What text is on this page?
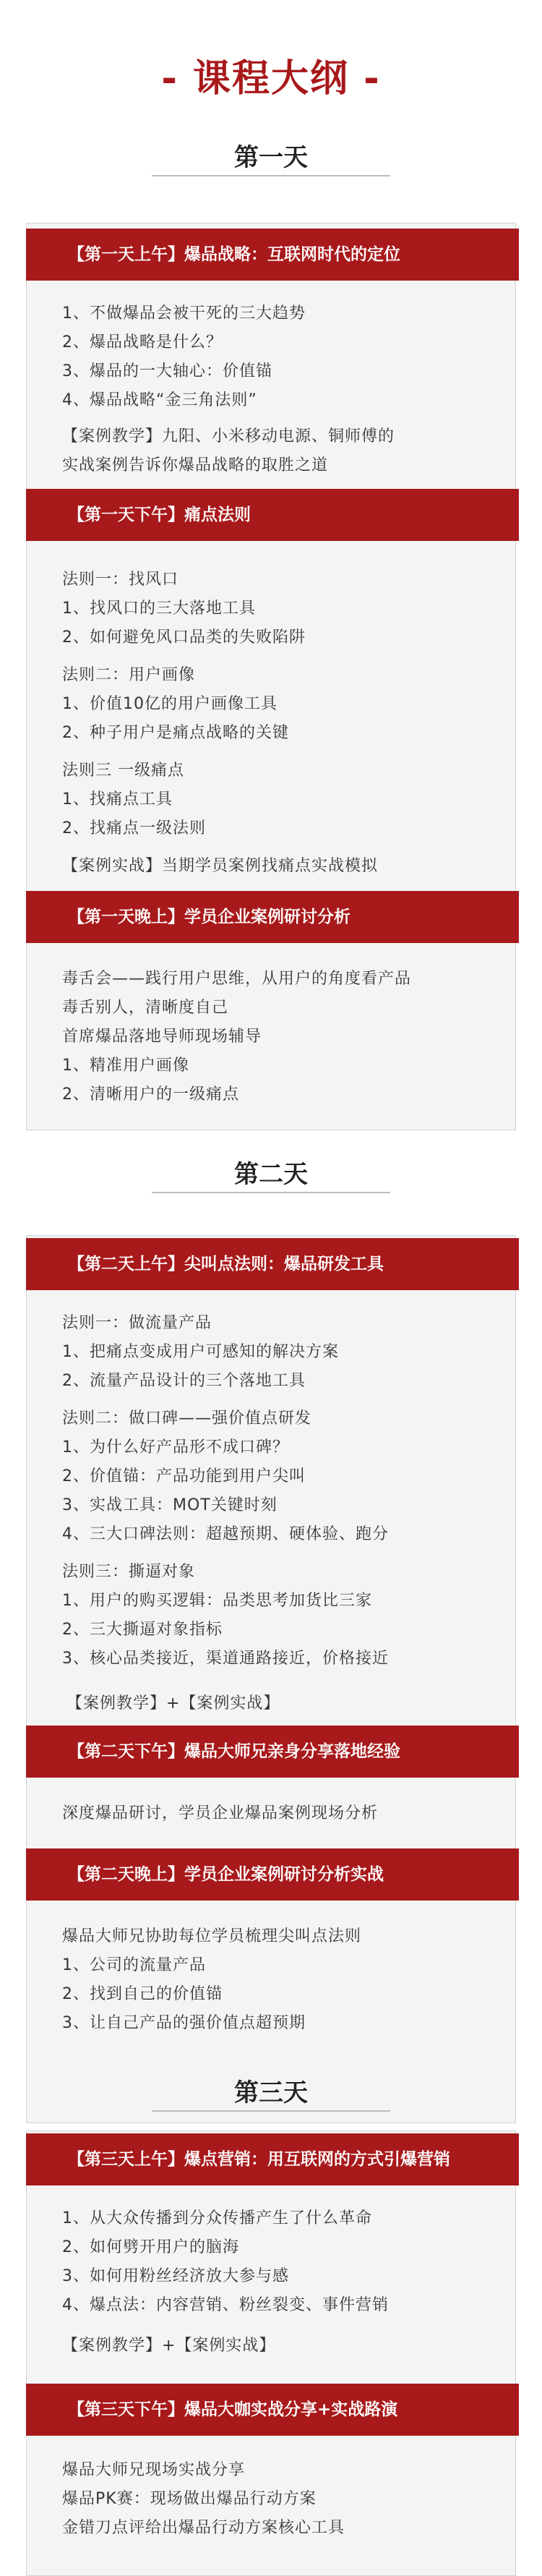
- 课程大纲 -
第一天
【第一天上午】爆品战略：互联网时代的定位
1、不做爆品会被干死的三大趋势
2、爆品战略是什么？
3、爆品的一大轴心：价值锚
4、爆品战略“金三角法则”
【案例教学】九阳、小米移动电源、铜师傅的
实战案例告诉你爆品战略的取胜之道
【第一天下午】痛点法则
法则一：找风口
1、找风口的三大落地工具
2、如何避免风口品类的失败陷阱
法则二：用户画像
1、价值10亿的用户画像工具
2、种子用户是痛点战略的关键
法则三 一级痛点
1、找痛点工具
2、找痛点一级法则
【案例实战】当期学员案例找痛点实战模拟
【第一天晚上】学员企业案例研讨分析
毒舌会——践行用户思维，从用户的角度看产品
毒舌别人，清晰度自己
首席爆品落地导师现场辅导
1、精准用户画像
2、清晰用户的一级痛点
第二天
【第二天上午】尖叫点法则：爆品研发工具
法则一：做流量产品
1、把痛点变成用户可感知的解决方案
2、流量产品设计的三个落地工具
法则二：做口碑——强价值点研发
1、为什么好产品形不成口碑？
2、价值锚：产品功能到用户尖叫
3、实战工具：MOT关键时刻
4、三大口碑法则：超越预期、硬体验、跑分
法则三：撕逼对象
1、用户的购买逻辑：品类思考加货比三家
2、三大撕逼对象指标
3、核心品类接近，渠道通路接近，价格接近
【案例教学】+【案例实战】
【第二天下午】爆品大师兄亲身分享落地经验
深度爆品研讨，学员企业爆品案例现场分析
【第二天晚上】学员企业案例研讨分析实战
爆品大师兄协助每位学员梳理尖叫点法则
1、公司的流量产品
2、找到自己的价值锚
3、让自己产品的强价值点超预期
第三天
【第三天上午】爆点营销：用互联网的方式引爆营销
1、从大众传播到分众传播产生了什么革命
2、如何劈开用户的脑海
3、如何用粉丝经济放大参与感
4、爆点法：内容营销、粉丝裂变、事件营销
【案例教学】+【案例实战】
【第三天下午】爆品大咖实战分享+实战路演
爆品大师兄现场实战分享
爆品PK赛：现场做出爆品行动方案
金错刀点评给出爆品行动方案核心工具
